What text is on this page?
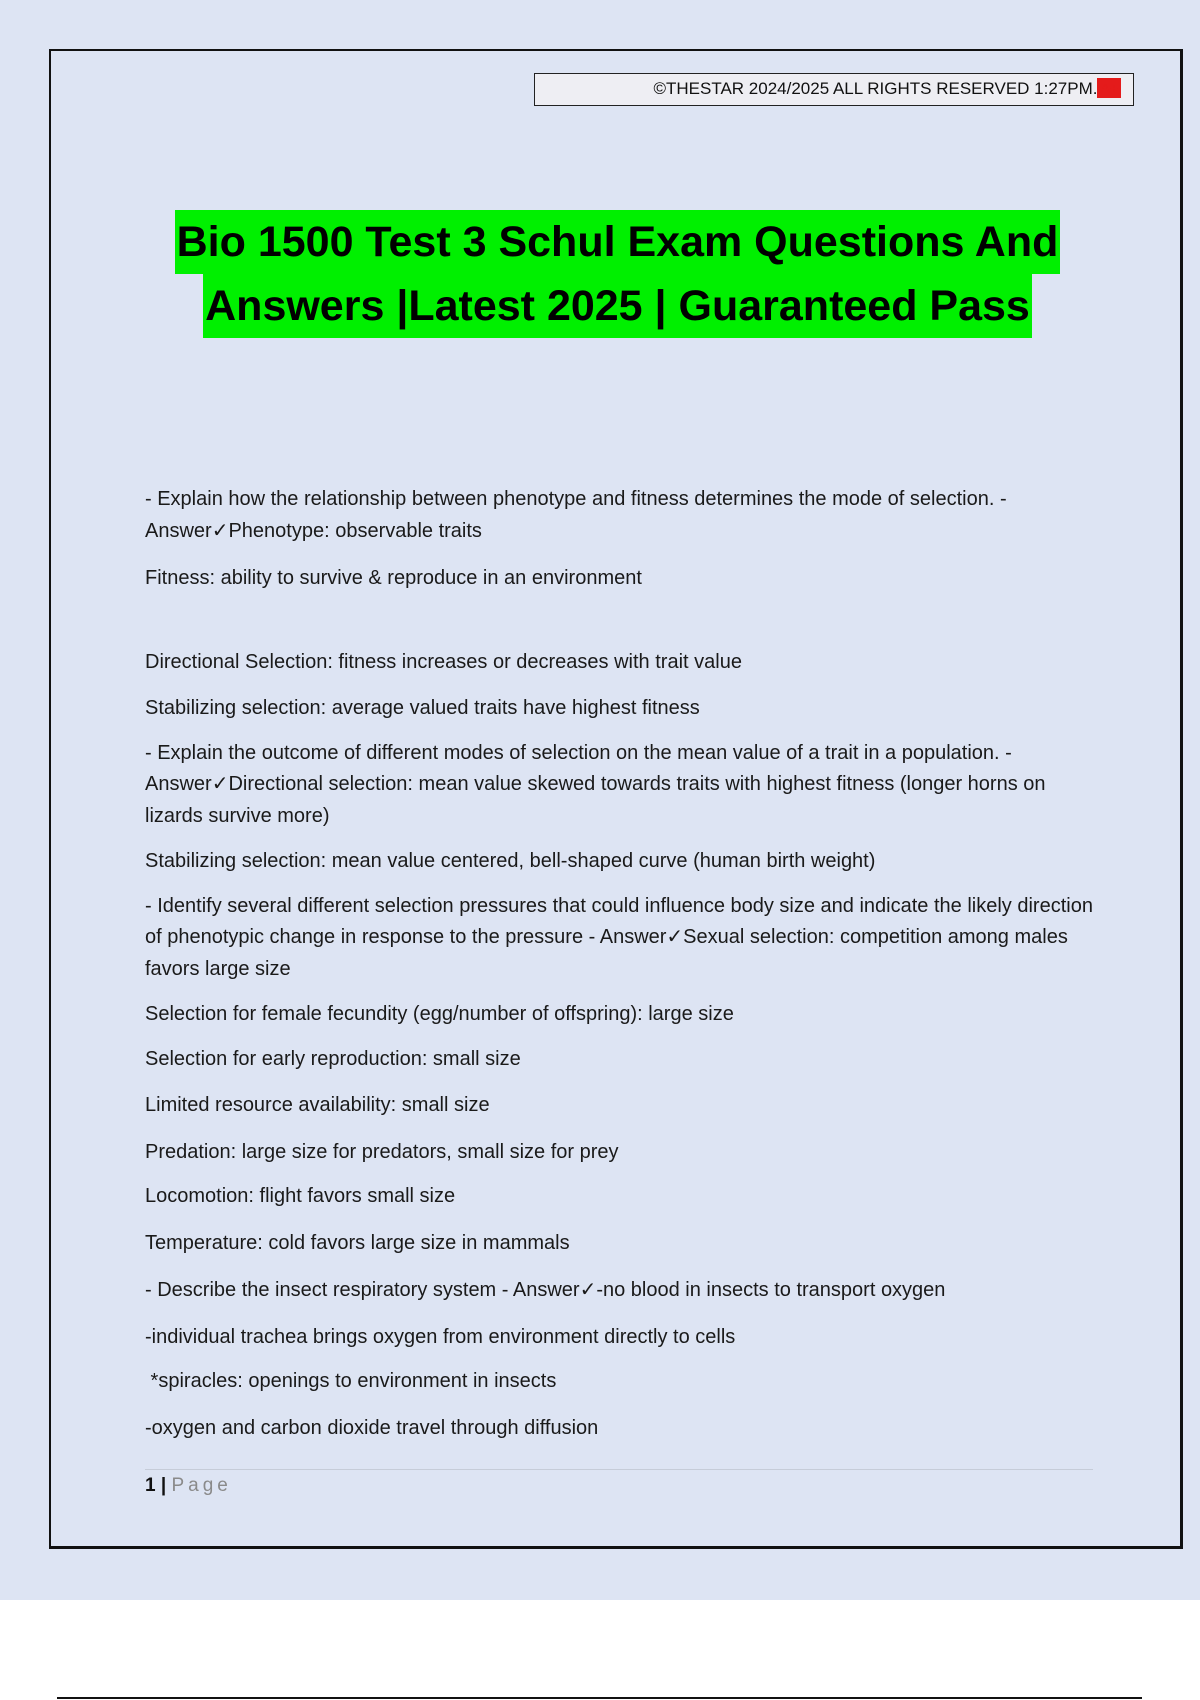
©THESTAR 2024/2025 ALL RIGHTS RESERVED 1:27PM. A+
Bio 1500 Test 3 Schul Exam Questions And
Answers |Latest 2025 | Guaranteed Pass

- Explain how the relationship between phenotype and fitness determines the mode of selection. - Answer✓Phenotype: observable traits

Fitness: ability to survive & reproduce in an environment

Directional Selection: fitness increases or decreases with trait value

Stabilizing selection: average valued traits have highest fitness

- Explain the outcome of different modes of selection on the mean value of a trait in a population. - Answer✓Directional selection: mean value skewed towards traits with highest fitness (longer horns on lizards survive more)

Stabilizing selection: mean value centered, bell-shaped curve (human birth weight)

- Identify several different selection pressures that could influence body size and indicate the likely direction of phenotypic change in response to the pressure - Answer✓Sexual selection: competition among males favors large size

Selection for female fecundity (egg/number of offspring): large size

Selection for early reproduction: small size

Limited resource availability: small size

Predation: large size for predators, small size for prey

Locomotion: flight favors small size

Temperature: cold favors large size in mammals

- Describe the insect respiratory system - Answer✓-no blood in insects to transport oxygen

-individual trachea brings oxygen from environment directly to cells

*spiracles: openings to environment in insects

-oxygen and carbon dioxide travel through diffusion

1 | Page
